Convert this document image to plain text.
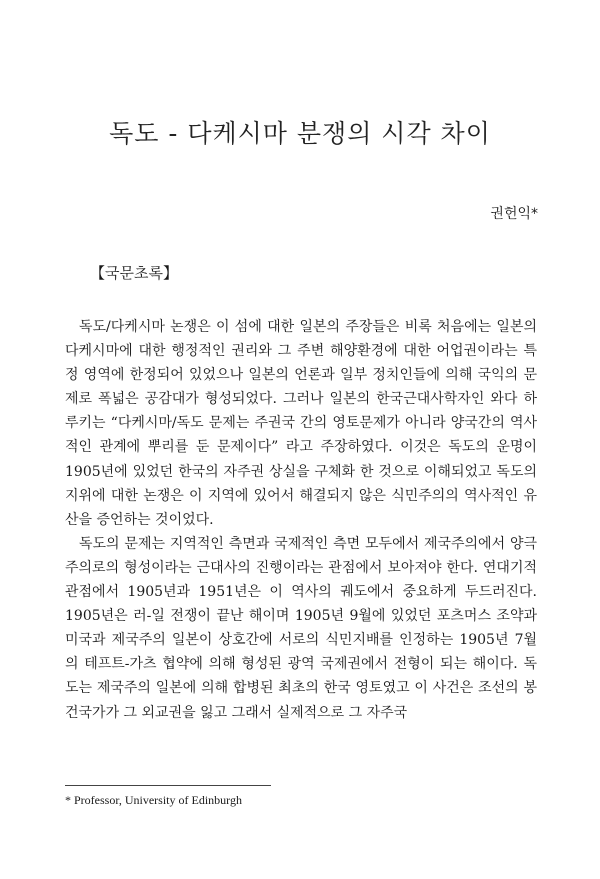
독도 - 다케시마 분쟁의 시각 차이
권헌익*
【국문초록】

독도/다케시마 논쟁은 이 섬에 대한 일본의 주장들은 비록 처음에는 일본의 다케시마에 대한 행정적인 권리와 그 주변 해양환경에 대한 어업권이라는 특정 영역에 한정되어 있었으나 일본의 언론과 일부 정치인들에 의해 국익의 문제로 폭넓은 공감대가 형성되었다. 그러나 일본의 한국근대사학자인 와다 하루키는 “다케시마/독도 문제는 주권국 간의 영토문제가 아니라 양국간의 역사적인 관계에 뿌리를 둔 문제이다” 라고 주장하였다. 이것은 독도의 운명이 1905년에 있었던 한국의 자주권 상실을 구체화 한 것으로 이해되었고 독도의 지위에 대한 논쟁은 이 지역에 있어서 해결되지 않은 식민주의의 역사적인 유산을 증언하는 것이었다.

독도의 문제는 지역적인 측면과 국제적인 측면 모두에서 제국주의에서 양극주의로의 형성이라는 근대사의 진행이라는 관점에서 보아져야 한다. 연대기적 관점에서 1905년과 1951년은 이 역사의 궤도에서 중요하게 두드러진다. 1905년은 러-일 전쟁이 끝난 해이며 1905년 9월에 있었던 포츠머스 조약과 미국과 제국주의 일본이 상호간에 서로의 식민지배를 인정하는 1905년 7월의 테프트-가츠 협약에 의해 형성된 광역 국제권에서 전형이 되는 해이다. 독도는 제국주의 일본에 의해 합병된 최초의 한국 영토였고 이 사건은 조선의 봉건국가가 그 외교권을 잃고 그래서 실제적으로 그 자주국

* Professor, University of Edinburgh
